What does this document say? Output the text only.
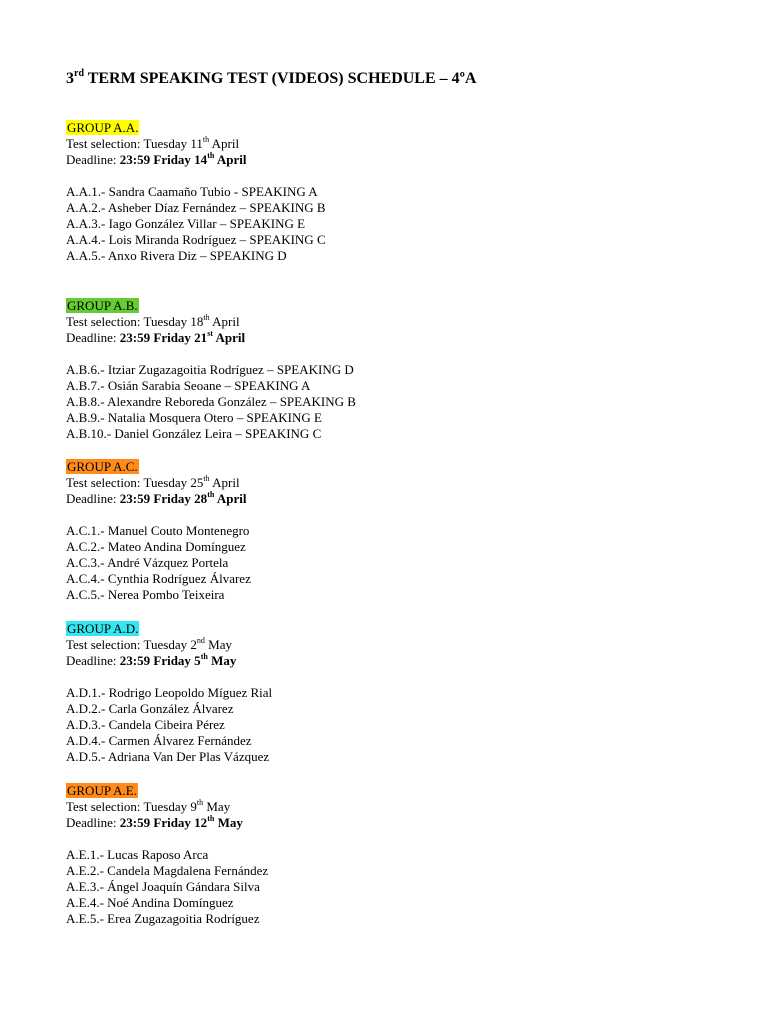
3rd TERM SPEAKING TEST (VIDEOS) SCHEDULE – 4ºA
GROUP A.A.
Test selection: Tuesday 11th April
Deadline: 23:59 Friday 14th April
A.A.1.- Sandra Caamaño Tubio - SPEAKING A
A.A.2.- Asheber Díaz Fernández – SPEAKING B
A.A.3.- Iago González Villar – SPEAKING E
A.A.4.- Lois Miranda Rodríguez – SPEAKING C
A.A.5.- Anxo Rivera Diz – SPEAKING D
GROUP A.B.
Test selection: Tuesday 18th April
Deadline: 23:59 Friday 21st April
A.B.6.- Itziar Zugazagoitia Rodríguez – SPEAKING D
A.B.7.- Osián Sarabia Seoane – SPEAKING A
A.B.8.- Alexandre Reboreda González – SPEAKING B
A.B.9.- Natalia Mosquera Otero – SPEAKING E
A.B.10.- Daniel González Leira – SPEAKING C
GROUP A.C.
Test selection: Tuesday 25th April
Deadline: 23:59 Friday 28th April
A.C.1.- Manuel Couto Montenegro
A.C.2.- Mateo Andina Domínguez
A.C.3.- André Vázquez Portela
A.C.4.- Cynthia Rodríguez Álvarez
A.C.5.- Nerea Pombo Teixeira
GROUP A.D.
Test selection: Tuesday 2nd May
Deadline: 23:59 Friday 5th May
A.D.1.- Rodrigo Leopoldo Míguez Rial
A.D.2.- Carla González Álvarez
A.D.3.- Candela Cibeira Pérez
A.D.4.- Carmen Álvarez Fernández
A.D.5.- Adriana Van Der Plas Vázquez
GROUP A.E.
Test selection: Tuesday 9th May
Deadline: 23:59 Friday 12th May
A.E.1.- Lucas Raposo Arca
A.E.2.- Candela Magdalena Fernández
A.E.3.- Ángel Joaquín Gándara Silva
A.E.4.- Noé Andina Domínguez
A.E.5.- Erea Zugazagoitia Rodríguez
